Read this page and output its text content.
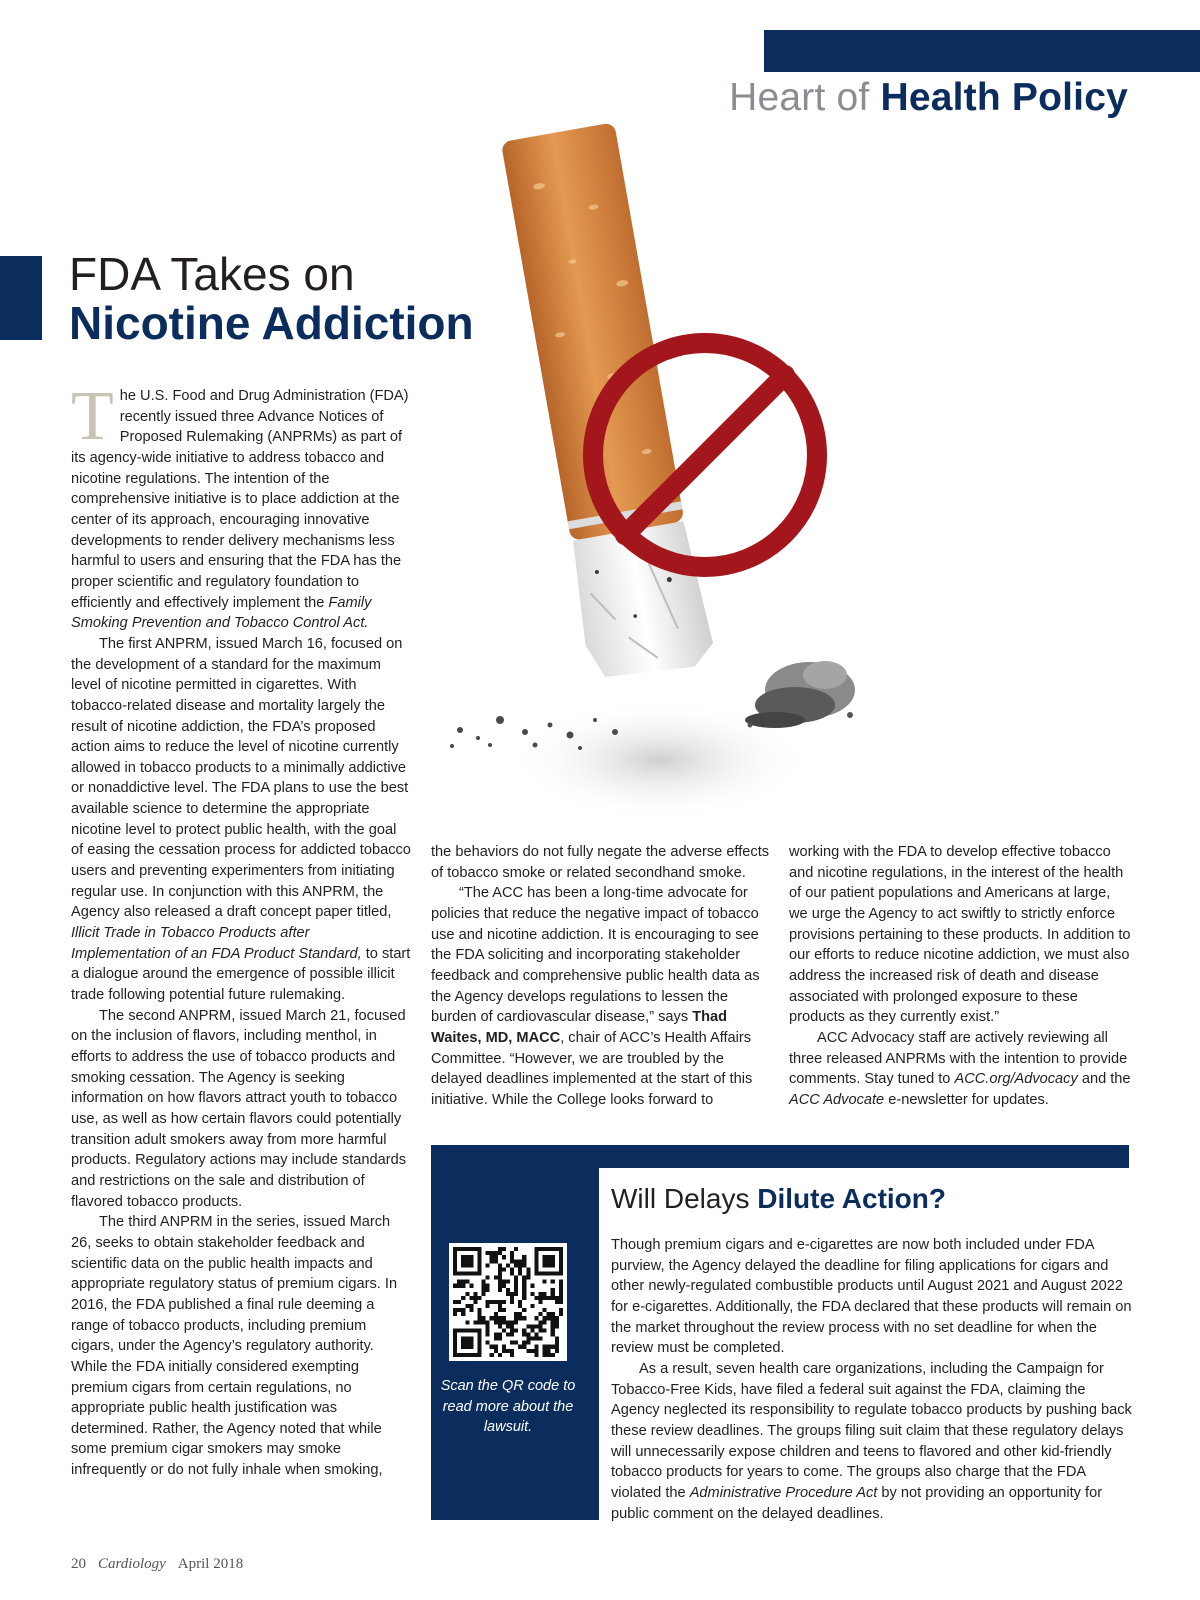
Heart of Health Policy
FDA Takes on
Nicotine Addiction

The U.S. Food and Drug Administration (FDA) recently issued three Advance Notices of Proposed Rulemaking (ANPRMs) as part of its agency-wide initiative to address tobacco and nicotine regulations. The intention of the comprehensive initiative is to place addiction at the center of its approach, encouraging innovative developments to render delivery mechanisms less harmful to users and ensuring that the FDA has the proper scientific and regulatory foundation to efficiently and effectively implement the Family Smoking Prevention and Tobacco Control Act.

The first ANPRM, issued March 16, focused on the development of a standard for the maximum level of nicotine permitted in cigarettes. With tobacco-related disease and mortality largely the result of nicotine addiction, the FDA’s proposed action aims to reduce the level of nicotine currently allowed in tobacco products to a minimally addictive or nonaddictive level. The FDA plans to use the best available science to determine the appropriate nicotine level to protect public health, with the goal of easing the cessation process for addicted tobacco users and preventing experimenters from initiating regular use. In conjunction with this ANPRM, the Agency also released a draft concept paper titled, Illicit Trade in Tobacco Products after Implementation of an FDA Product Standard, to start a dialogue around the emergence of possible illicit trade following potential future rulemaking.

The second ANPRM, issued March 21, focused on the inclusion of flavors, including menthol, in efforts to address the use of tobacco products and smoking cessation. The Agency is seeking information on how flavors attract youth to tobacco use, as well as how certain flavors could potentially transition adult smokers away from more harmful products. Regulatory actions may include standards and restrictions on the sale and distribution of flavored tobacco products.

The third ANPRM in the series, issued March 26, seeks to obtain stakeholder feedback and scientific data on the public health impacts and appropriate regulatory status of premium cigars. In 2016, the FDA published a final rule deeming a range of tobacco products, including premium cigars, under the Agency’s regulatory authority. While the FDA initially considered exempting premium cigars from certain regulations, no appropriate public health justification was determined. Rather, the Agency noted that while some premium cigar smokers may smoke infrequently or do not fully inhale when smoking,

the behaviors do not fully negate the adverse effects of tobacco smoke or related secondhand smoke.

“The ACC has been a long-time advocate for policies that reduce the negative impact of tobacco use and nicotine addiction. It is encouraging to see the FDA soliciting and incorporating stakeholder feedback and comprehensive public health data as the Agency develops regulations to lessen the burden of cardiovascular disease,” says Thad Waites, MD, MACC, chair of ACC’s Health Affairs Committee. “However, we are troubled by the delayed deadlines implemented at the start of this initiative. While the College looks forward to

working with the FDA to develop effective tobacco and nicotine regulations, in the interest of the health of our patient populations and Americans at large, we urge the Agency to act swiftly to strictly enforce provisions pertaining to these products. In addition to our efforts to reduce nicotine addiction, we must also address the increased risk of death and disease associated with prolonged exposure to these products as they currently exist.”

ACC Advocacy staff are actively reviewing all three released ANPRMs with the intention to provide comments. Stay tuned to ACC.org/Advocacy and the ACC Advocate e-newsletter for updates.

Scan the QR code to read more about the lawsuit.
Will Delays Dilute Action?

Though premium cigars and e-cigarettes are now both included under FDA purview, the Agency delayed the deadline for filing applications for cigars and other newly-regulated combustible products until August 2021 and August 2022 for e-cigarettes. Additionally, the FDA declared that these products will remain on the market throughout the review process with no set deadline for when the review must be completed.

As a result, seven health care organizations, including the Campaign for Tobacco-Free Kids, have filed a federal suit against the FDA, claiming the Agency neglected its responsibility to regulate tobacco products by pushing back these review deadlines. The groups filing suit claim that these regulatory delays will unnecessarily expose children and teens to flavored and other kid-friendly tobacco products for years to come. The groups also charge that the FDA violated the Administrative Procedure Act by not providing an opportunity for public comment on the delayed deadlines.

20 Cardiology April 2018
